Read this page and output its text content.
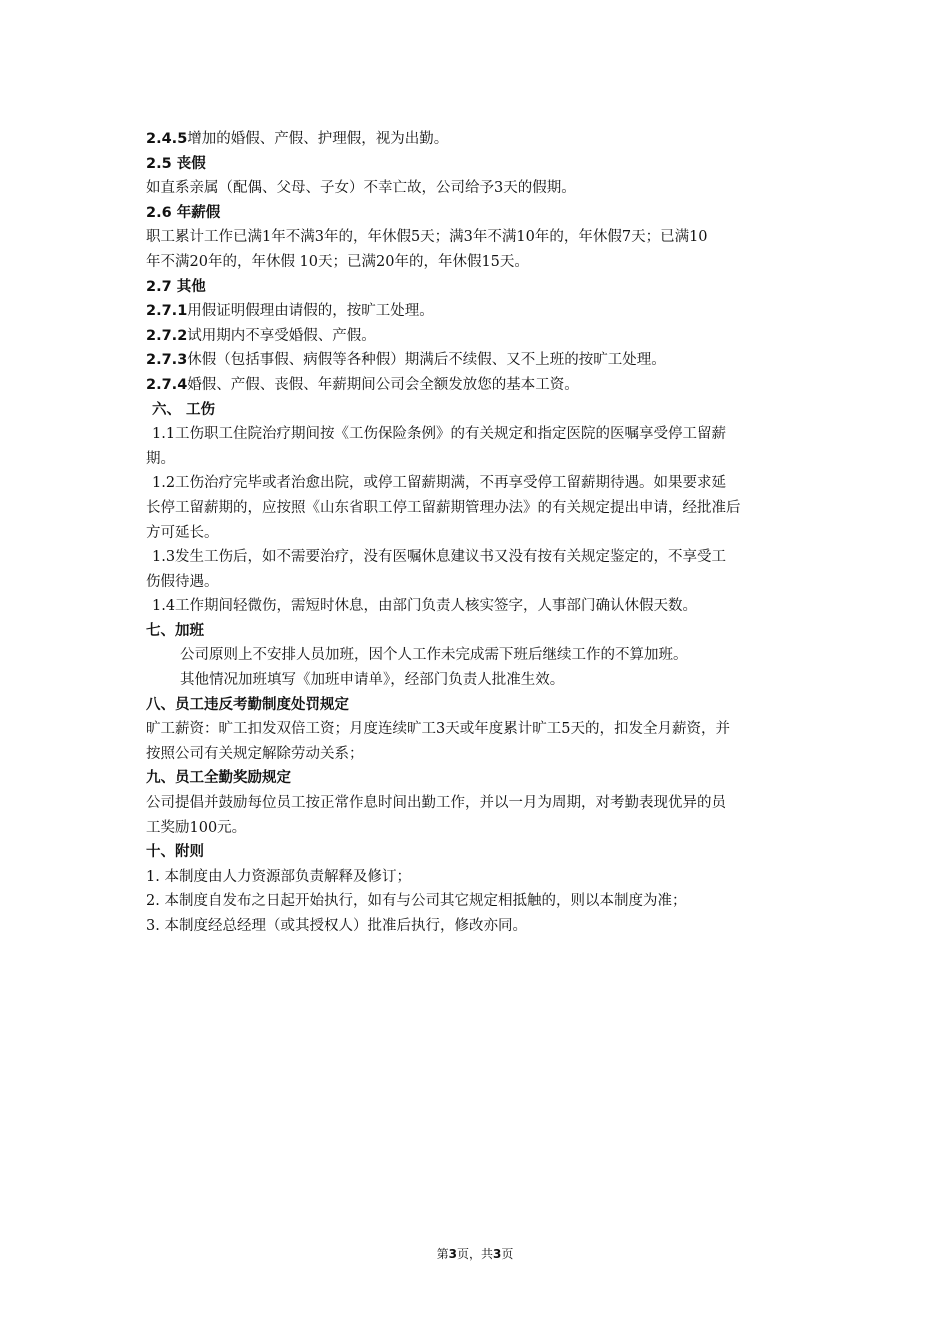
2.4.5增加的婚假、产假、护理假，视为出勤。
2.5 丧假
如直系亲属（配偶、父母、子女）不幸亡故，公司给予3天的假期。
2.6 年薪假
职工累计工作已满1年不满3年的，年休假5天；满3年不满10年的，年休假7天；已满10
年不满20年的，年休假 10天；已满20年的，年休假15天。
2.7 其他
2.7.1用假证明假理由请假的，按旷工处理。
2.7.2试用期内不享受婚假、产假。
2.7.3休假（包括事假、病假等各种假）期满后不续假、又不上班的按旷工处理。
2.7.4婚假、产假、丧假、年薪期间公司会全额发放您的基本工资。
六、 工伤
1.1工伤职工住院治疗期间按《工伤保险条例》的有关规定和指定医院的医嘱享受停工留薪
期。
1.2工伤治疗完毕或者治愈出院，或停工留薪期满，不再享受停工留薪期待遇。如果要求延
长停工留薪期的，应按照《山东省职工停工留薪期管理办法》的有关规定提出申请，经批准后
方可延长。
1.3发生工伤后，如不需要治疗，没有医嘱休息建议书又没有按有关规定鉴定的，不享受工
伤假待遇。
1.4工作期间轻微伤，需短时休息，由部门负责人核实签字，人事部门确认休假天数。
七、加班
公司原则上不安排人员加班，因个人工作未完成需下班后继续工作的不算加班。
其他情况加班填写《加班申请单》，经部门负责人批准生效。
八、员工违反考勤制度处罚规定
旷工薪资：旷工扣发双倍工资；月度连续旷工3天或年度累计旷工5天的，扣发全月薪资，并
按照公司有关规定解除劳动关系；
九、员工全勤奖励规定
公司提倡并鼓励每位员工按正常作息时间出勤工作，并以一月为周期，对考勤表现优异的员
工奖励100元。
十、附则
1. 本制度由人力资源部负责解释及修订；
2. 本制度自发布之日起开始执行，如有与公司其它规定相抵触的，则以本制度为准；
3. 本制度经总经理（或其授权人）批准后执行，修改亦同。
第3页，共3页
